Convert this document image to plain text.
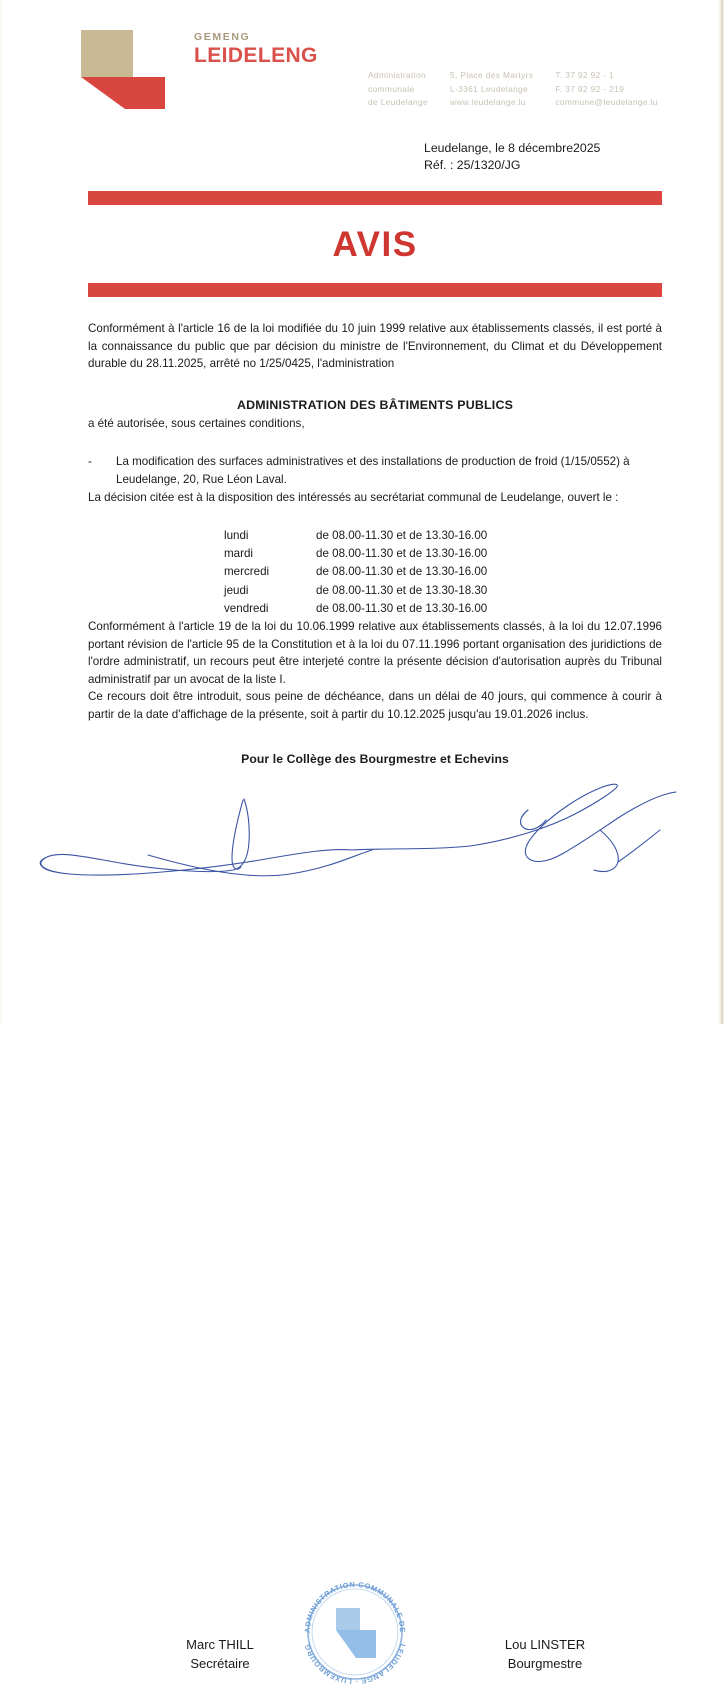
GEMENG
LEIDELENG
Administration
communale
de Leudelange
5, Place des Martyrs
L-3361 Leudelange
www.leudelange.lu
T. 37 92 92 - 1
F. 37 92 92 - 219
commune@leudelange.lu
Leudelange, le 8 décembre2025
Réf. : 25/1320/JG
AVIS

Conformément à l'article 16 de la loi modifiée du 10 juin 1999 relative aux établissements classés, il est porté à la connaissance du public que par décision du ministre de l'Environnement, du Climat et du Développement durable du 28.11.2025, arrêté no 1/25/0425, l'administration

ADMINISTRATION DES BÂTIMENTS PUBLICS

a été autorisée, sous certaines conditions,

-	La modification des surfaces administratives et des installations de production de froid (1/15/0552) à Leudelange, 20, Rue Léon Laval.

La décision citée est à la disposition des intéressés au secrétariat communal de Leudelange, ouvert le :

lundi	de 08.00-11.30 et de 13.30-16.00
mardi	de 08.00-11.30 et de 13.30-16.00
mercredi	de 08.00-11.30 et de 13.30-16.00
jeudi	de 08.00-11.30 et de 13.30-18.30
vendredi	de 08.00-11.30 et de 13.30-16.00

Conformément à l'article 19 de la loi du 10.06.1999 relative aux établissements classés, à la loi du 12.07.1996 portant révision de l'article 95 de la Constitution et à la loi du 07.11.1996 portant organisation des juridictions de l'ordre administratif, un recours peut être interjeté contre la présente décision d'autorisation auprès du Tribunal administratif par un avocat de la liste I.

Ce recours doit être introduit, sous peine de déchéance, dans un délai de 40 jours, qui commence à courir à partir de la date d'affichage de la présente, soit à partir du 10.12.2025 jusqu'au 19.01.2026 inclus.

Pour le Collège des Bourgmestre et Echevins
ADMINISTRATION COMMUNALE DE
LEUDELANGE · LUXEMBOURG
Marc THILL
Secrétaire
Lou LINSTER
Bourgmestre
